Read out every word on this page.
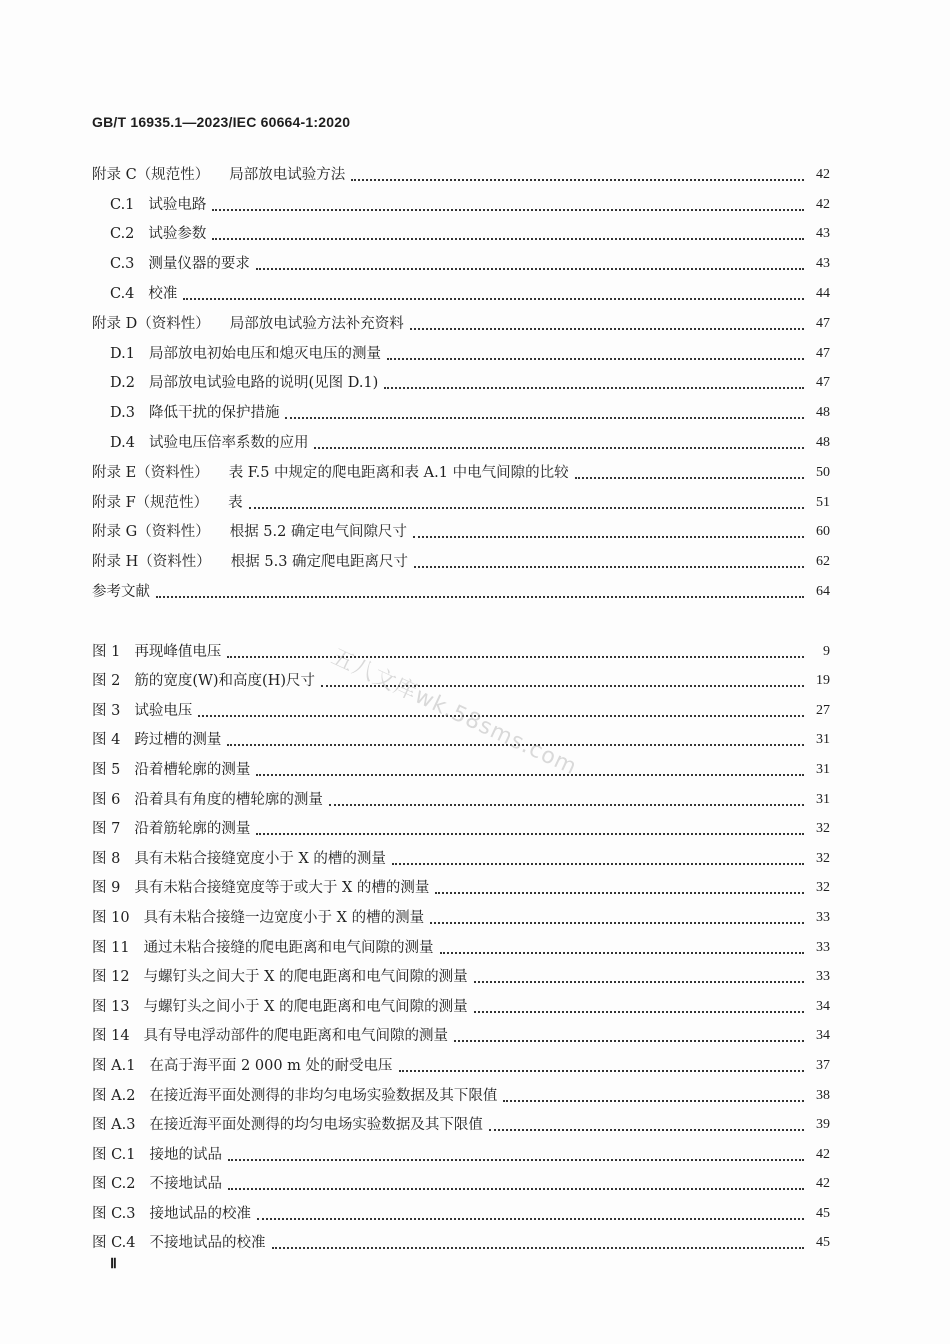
GB/T 16935.1—2023/IEC 60664-1:2020
附录 C（规范性） 局部放电试验方法	42
C.1 试验电路	42
C.2 试验参数	43
C.3 测量仪器的要求	43
C.4 校准	44
附录 D（资料性） 局部放电试验方法补充资料	47
D.1 局部放电初始电压和熄灭电压的测量	47
D.2 局部放电试验电路的说明(见图 D.1)	47
D.3 降低干扰的保护措施	48
D.4 试验电压倍率系数的应用	48
附录 E（资料性） 表 F.5 中规定的爬电距离和表 A.1 中电气间隙的比较	50
附录 F（规范性） 表	51
附录 G（资料性） 根据 5.2 确定电气间隙尺寸	60
附录 H（资料性） 根据 5.3 确定爬电距离尺寸	62
参考文献	64
图 1 再现峰值电压	9
图 2 筋的宽度(W)和高度(H)尺寸	19
图 3 试验电压	27
图 4 跨过槽的测量	31
图 5 沿着槽轮廓的测量	31
图 6 沿着具有角度的槽轮廓的测量	31
图 7 沿着筋轮廓的测量	32
图 8 具有未粘合接缝宽度小于 X 的槽的测量	32
图 9 具有未粘合接缝宽度等于或大于 X 的槽的测量	32
图 10 具有未粘合接缝一边宽度小于 X 的槽的测量	33
图 11 通过未粘合接缝的爬电距离和电气间隙的测量	33
图 12 与螺钉头之间大于 X 的爬电距离和电气间隙的测量	33
图 13 与螺钉头之间小于 X 的爬电距离和电气间隙的测量	34
图 14 具有导电浮动部件的爬电距离和电气间隙的测量	34
图 A.1 在高于海平面 2 000 m 处的耐受电压	37
图 A.2 在接近海平面处测得的非均匀电场实验数据及其下限值	38
图 A.3 在接近海平面处测得的均匀电场实验数据及其下限值	39
图 C.1 接地的试品	42
图 C.2 不接地试品	42
图 C.3 接地试品的校准	45
图 C.4 不接地试品的校准	45
五八文库wk.58sms.com
Ⅱ
